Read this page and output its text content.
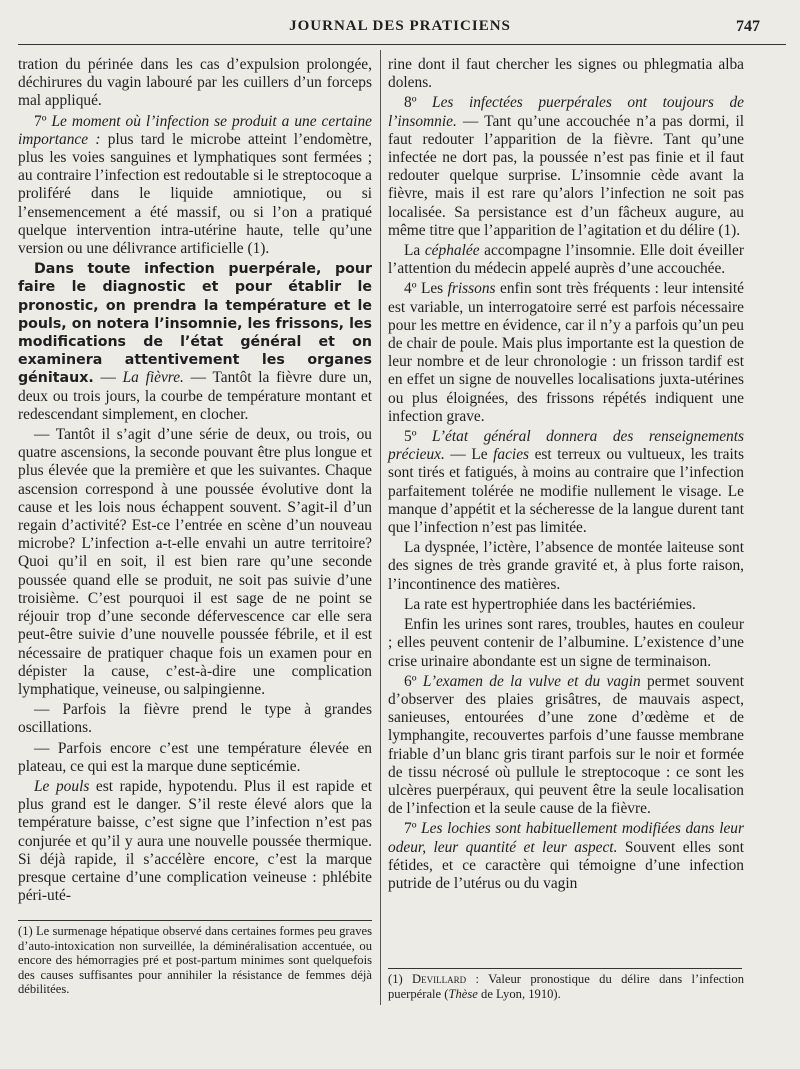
JOURNAL DES PRATICIENS	747

tration du périnée dans les cas d’expulsion prolongée, déchirures du vagin labouré par les cuillers d’un forceps mal appliqué.

7º Le moment où l’infection se produit a une certaine importance : plus tard le microbe atteint l’endomètre, plus les voies sanguines et lymphatiques sont fermées ; au contraire l’infection est redoutable si le streptocoque a proliféré dans le liquide amniotique, ou si l’ensemencement a été massif, ou si l’on a pratiqué quelque intervention intra-utérine haute, telle qu’une version ou une délivrance artificielle (1).

Dans toute infection puerpérale, pour faire le diagnostic et pour établir le pronostic, on prendra la température et le pouls, on notera l’insomnie, les frissons, les modifications de l’état général et on examinera attentivement les organes génitaux. — La fièvre. — Tantôt la fièvre dure un, deux ou trois jours, la courbe de température montant et redescendant simplement, en clocher.

— Tantôt il s’agit d’une série de deux, ou trois, ou quatre ascensions, la seconde pouvant être plus longue et plus élevée que la première et que les suivantes. Chaque ascension correspond à une poussée évolutive dont la cause et les lois nous échappent souvent. S’agit-il d’un regain d’activité? Est-ce l’entrée en scène d’un nouveau microbe? L’infection a-t-elle envahi un autre territoire? Quoi qu’il en soit, il est bien rare qu’une seconde poussée quand elle se produit, ne soit pas suivie d’une troisième. C’est pourquoi il est sage de ne point se réjouir trop d’une seconde défervescence car elle sera peut-être suivie d’une nouvelle poussée fébrile, et il est nécessaire de pratiquer chaque fois un examen pour en dépister la cause, c’est-à-dire une complication lymphatique, veineuse, ou salpingienne.

— Parfois la fièvre prend le type à grandes oscillations.

— Parfois encore c’est une température élevée en plateau, ce qui est la marque dune septicémie.

Le pouls est rapide, hypotendu. Plus il est rapide et plus grand est le danger. S’il reste élevé alors que la température baisse, c’est signe que l’infection n’est pas conjurée et qu’il y aura une nouvelle poussée thermique. Si déjà rapide, il s’accélère encore, c’est la marque presque certaine d’une complication veineuse : phlébite péri-uté-

(1) Le surmenage hépatique observé dans certaines formes peu graves d’auto-intoxication non surveillée, la déminéralisation accentuée, ou encore des hémorragies pré et post-partum minimes sont quelquefois des causes suffisantes pour annihiler la résistance de femmes déjà débilitées.

rine dont il faut chercher les signes ou phlegmatia alba dolens.

8º Les infectées puerpérales ont toujours de l’insomnie. — Tant qu’une accouchée n’a pas dormi, il faut redouter l’apparition de la fièvre. Tant qu’une infectée ne dort pas, la poussée n’est pas finie et il faut redouter quelque surprise. L’insomnie cède avant la fièvre, mais il est rare qu’alors l’infection ne soit pas localisée. Sa persistance est d’un fâcheux augure, au même titre que l’apparition de l’agitation et du délire (1).

La céphalée accompagne l’insomnie. Elle doit éveiller l’attention du médecin appelé auprès d’une accouchée.

4º Les frissons enfin sont très fréquents : leur intensité est variable, un interrogatoire serré est parfois nécessaire pour les mettre en évidence, car il n’y a parfois qu’un peu de chair de poule. Mais plus importante est la question de leur nombre et de leur chronologie : un frisson tardif est en effet un signe de nouvelles localisations juxta-utérines ou plus éloignées, des frissons répétés indiquent une infection grave.

5º L’état général donnera des renseignements précieux. — Le facies est terreux ou vultueux, les traits sont tirés et fatigués, à moins au contraire que l’infection parfaitement tolérée ne modifie nullement le visage. Le manque d’appétit et la sécheresse de la langue durent tant que l’infection n’est pas limitée.

La dyspnée, l’ictère, l’absence de montée laiteuse sont des signes de très grande gravité et, à plus forte raison, l’incontinence des matières.

La rate est hypertrophiée dans les bactériémies.

Enfin les urines sont rares, troubles, hautes en couleur ; elles peuvent contenir de l’albumine. L’existence d’une crise urinaire abondante est un signe de terminaison.

6º L’examen de la vulve et du vagin permet souvent d’observer des plaies grisâtres, de mauvais aspect, sanieuses, entourées d’une zone d’œdème et de lymphangite, recouvertes parfois d’une fausse membrane friable d’un blanc gris tirant parfois sur le noir et formée de tissu nécrosé où pullule le streptocoque : ce sont les ulcères puerpéraux, qui peuvent être la seule localisation de l’infection et la seule cause de la fièvre.

7º Les lochies sont habituellement modifiées dans leur odeur, leur quantité et leur aspect. Souvent elles sont fétides, et ce caractère qui témoigne d’une infection putride de l’utérus ou du vagin

(1) Devillard : Valeur pronostique du délire dans l’infection puerpérale (Thèse de Lyon, 1910).
